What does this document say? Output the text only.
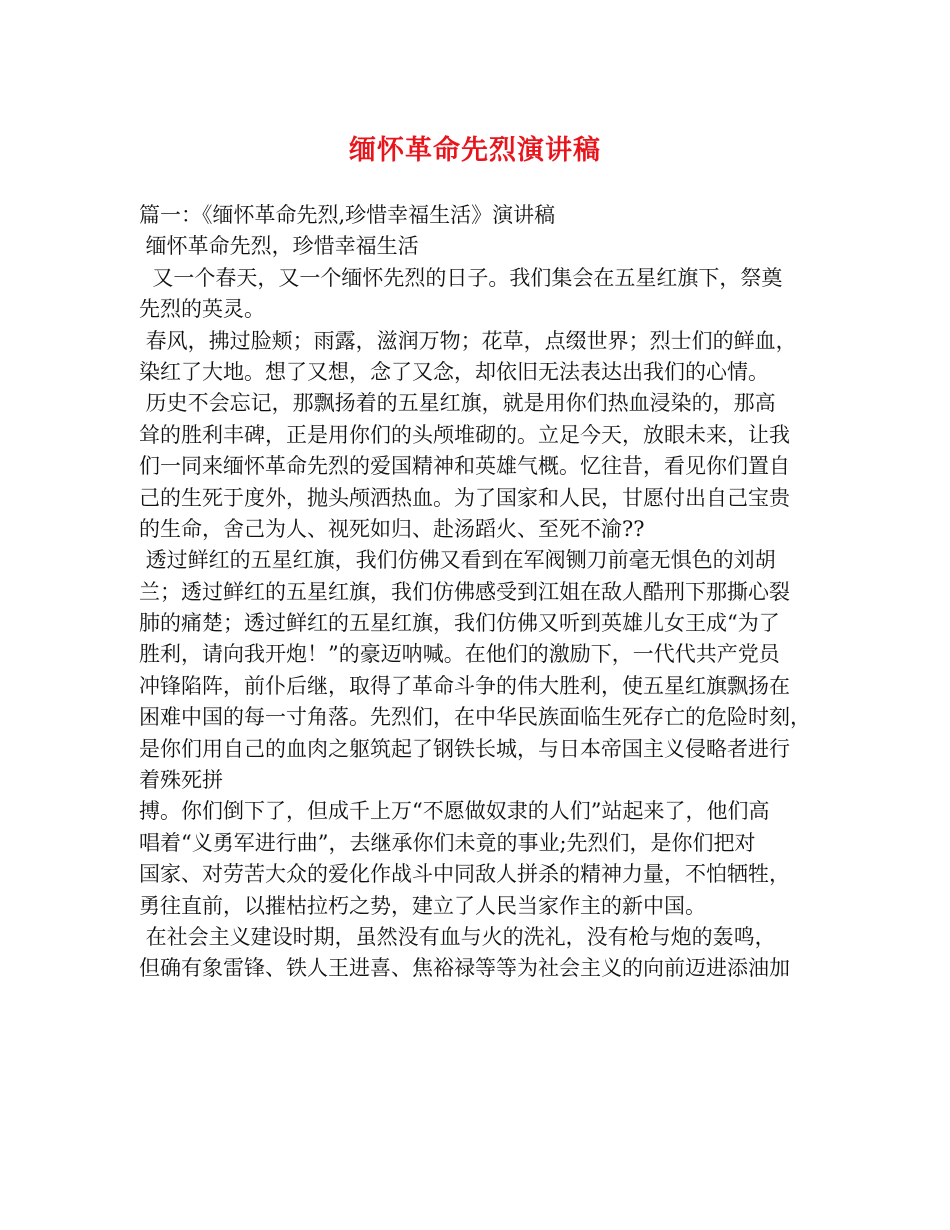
缅怀革命先烈演讲稿
篇一：《缅怀革命先烈,珍惜幸福生活》演讲稿
缅怀革命先烈，珍惜幸福生活
又一个春天，又一个缅怀先烈的日子。我们集会在五星红旗下，祭奠
先烈的英灵。
春风，拂过脸颊；雨露，滋润万物；花草，点缀世界；烈士们的鲜血，
染红了大地。想了又想，念了又念，却依旧无法表达出我们的心情。
历史不会忘记，那飘扬着的五星红旗，就是用你们热血浸染的，那高
耸的胜利丰碑，正是用你们的头颅堆砌的。立足今天，放眼未来，让我
们一同来缅怀革命先烈的爱国精神和英雄气概。忆往昔，看见你们置自
己的生死于度外，抛头颅洒热血。为了国家和人民，甘愿付出自己宝贵
的生命，舍己为人、视死如归、赴汤蹈火、至死不渝??
透过鲜红的五星红旗，我们仿佛又看到在军阀铡刀前毫无惧色的刘胡
兰；透过鲜红的五星红旗，我们仿佛感受到江姐在敌人酷刑下那撕心裂
肺的痛楚；透过鲜红的五星红旗，我们仿佛又听到英雄儿女王成“为了
胜利，请向我开炮！”的豪迈呐喊。在他们的激励下，一代代共产党员
冲锋陷阵，前仆后继，取得了革命斗争的伟大胜利，使五星红旗飘扬在
困难中国的每一寸角落。先烈们，在中华民族面临生死存亡的危险时刻，
是你们用自己的血肉之躯筑起了钢铁长城，与日本帝国主义侵略者进行
着殊死拼
搏。你们倒下了，但成千上万“不愿做奴隶的人们”站起来了，他们高
唱着“义勇军进行曲”，去继承你们未竟的事业;先烈们，是你们把对
国家、对劳苦大众的爱化作战斗中同敌人拼杀的精神力量，不怕牺牲，
勇往直前，以摧枯拉朽之势，建立了人民当家作主的新中国。
在社会主义建设时期，虽然没有血与火的洗礼，没有枪与炮的轰鸣，
但确有象雷锋、铁人王进喜、焦裕禄等等为社会主义的向前迈进添油加
